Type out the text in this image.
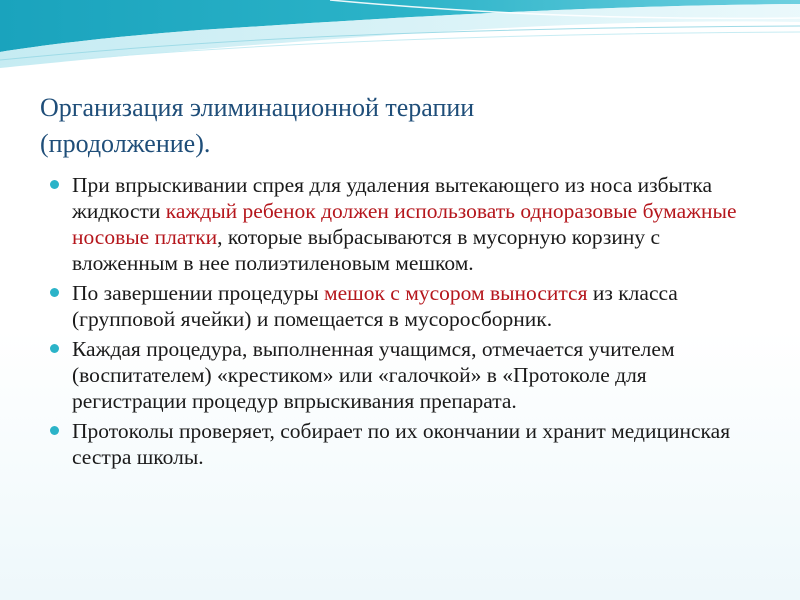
Организация элиминационной терапии
(продолжение).
При впрыскивании спрея для удаления вытекающего из носа избытка жидкости каждый ребенок должен использовать одноразовые бумажные носовые платки, которые выбрасываются в мусорную корзину с вложенным в нее полиэтиленовым мешком.
По завершении процедуры мешок с мусором выносится из класса (групповой ячейки) и помещается в мусоросборник.
Каждая процедура, выполненная учащимся, отмечается учителем (воспитателем) «крестиком» или «галочкой» в «Протоколе для регистрации процедур впрыскивания препарата.
Протоколы проверяет, собирает по их окончании и хранит медицинская сестра школы.
